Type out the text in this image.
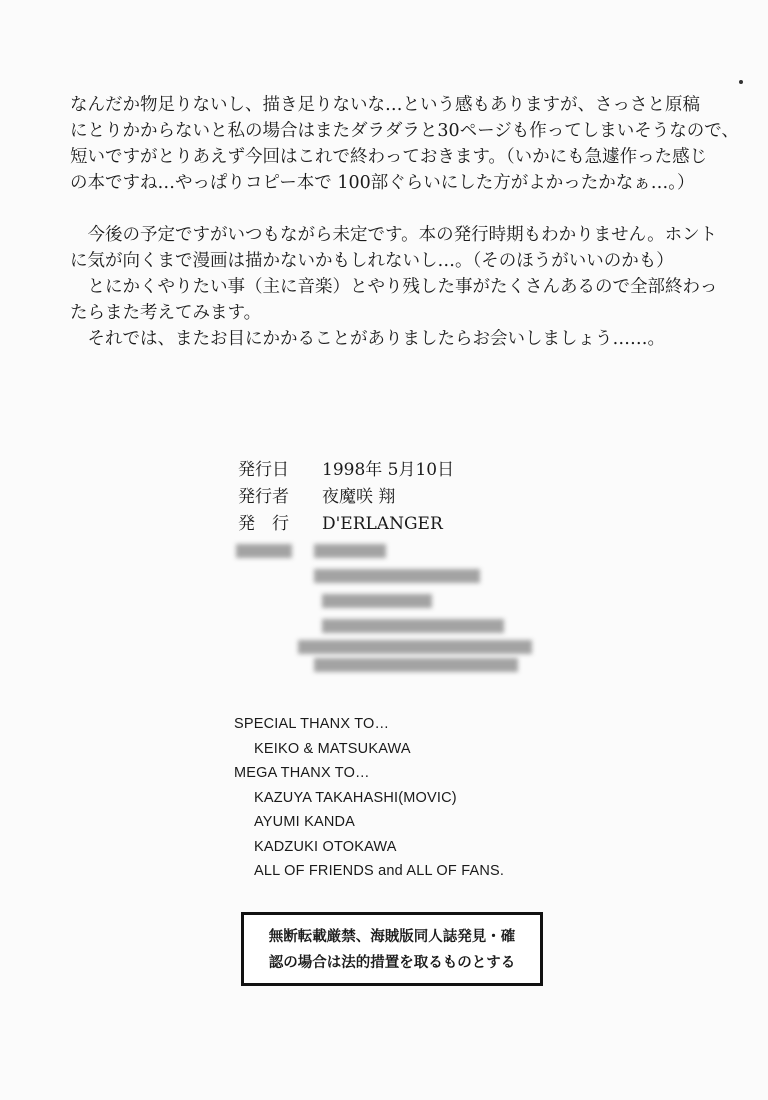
なんだか物足りないし、描き足りないな…という感もありますが、さっさと原稿
にとりかからないと私の場合はまたダラダラと30ページも作ってしまいそうなので、
短いですがとりあえず今回はこれで終わっておきます。（いかにも急遽作った感じ
の本ですね…やっぱりコピー本で 100部ぐらいにした方がよかったかなぁ…。）

　今後の予定ですがいつもながら未定です。本の発行時期もわかりません。ホント
に気が向くまで漫画は描かないかもしれないし…。（そのほうがいいのかも）
　とにかくやりたい事（主に音楽）とやり残した事がたくさんあるので全部終わっ
たらまた考えてみます。
　それでは、またお目にかかることがありましたらお会いしましょう……。

発行日	1998年 5月10日
発行者	夜魔咲 翔
発　行	D'ERLANGER
SPECIAL THANX TO…
KEIKO & MATSUKAWA
MEGA THANX TO…
KAZUYA TAKAHASHI(MOVIC)
AYUMI KANDA
KADZUKI OTOKAWA
ALL OF FRIENDS and ALL OF FANS.
無断転載厳禁、海賊版同人誌発見・確
認の場合は法的措置を取るものとする
